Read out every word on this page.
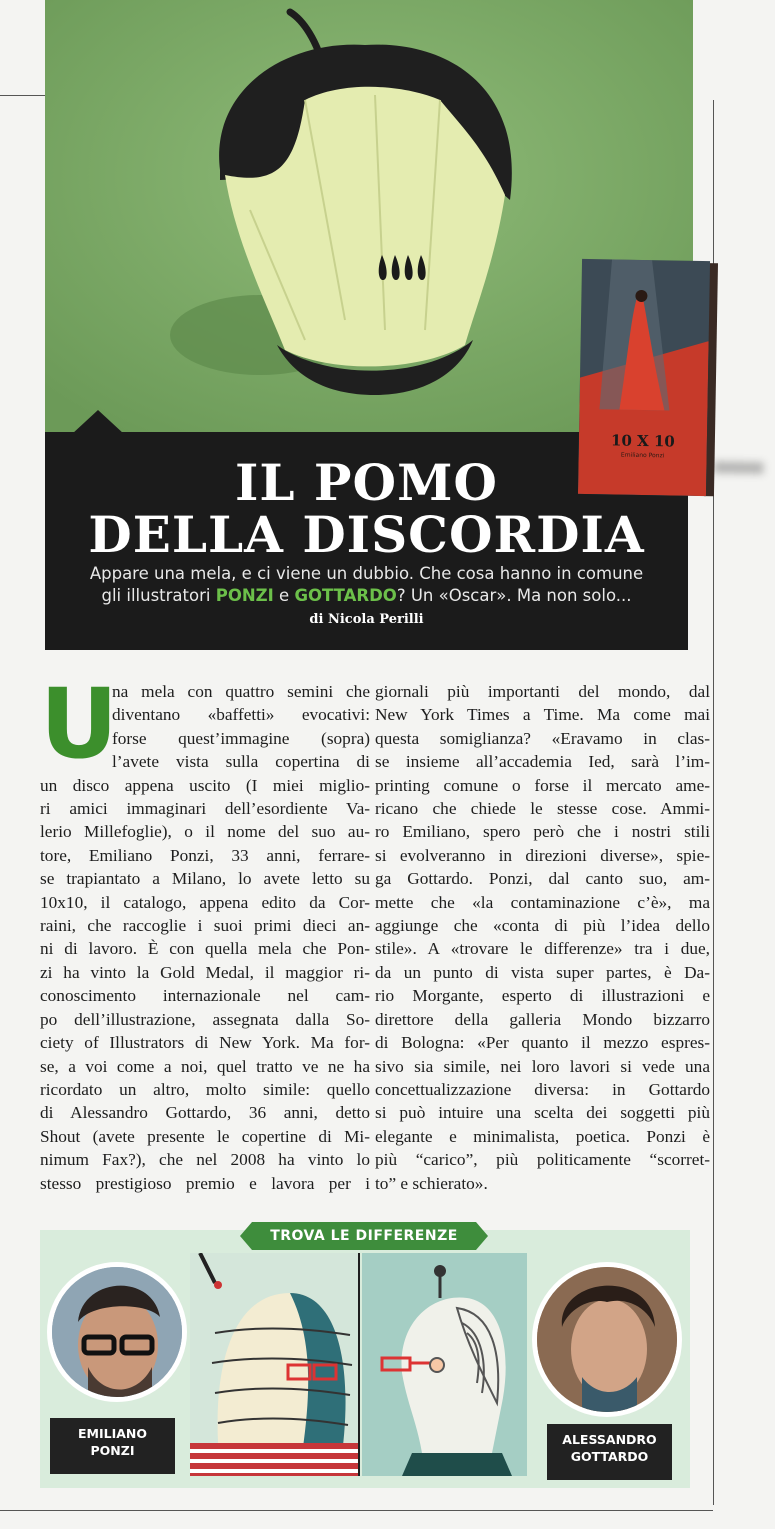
IL POMO
DELLA DISCORDIA
Appare una mela, e ci viene un dubbio. Che cosa hanno in comune
gli illustratori PONZI e GOTTARDO? Un «Oscar». Ma non solo...
di Nicola Perilli
10 X 10
Emiliano Ponzi
U
na mela con quattro semini che
diventano «baffetti» evocativi:
forse quest’immagine (sopra)
l’avete vista sulla copertina di
un disco appena uscito (I miei miglio-
ri amici immaginari dell’esordiente Va-
lerio Millefoglie), o il nome del suo au-
tore, Emiliano Ponzi, 33 anni, ferrare-
se trapiantato a Milano, lo avete letto su
10x10, il catalogo, appena edito da Cor-
raini, che raccoglie i suoi primi dieci an-
ni di lavoro. È con quella mela che Pon-
zi ha vinto la Gold Medal, il maggior ri-
conoscimento internazionale nel cam-
po dell’illustrazione, assegnata dalla So-
ciety of Illustrators di New York. Ma for-
se, a voi come a noi, quel tratto ve ne ha
ricordato un altro, molto simile: quello
di Alessandro Gottardo, 36 anni, detto
Shout (avete presente le copertine di Mi-
nimum Fax?), che nel 2008 ha vinto lo
stesso prestigioso premio e lavora per i
giornali più importanti del mondo, dal
New York Times a Time. Ma come mai
questa somiglianza? «Eravamo in clas-
se insieme all’accademia Ied, sarà l’im-
printing comune o forse il mercato ame-
ricano che chiede le stesse cose. Ammi-
ro Emiliano, spero però che i nostri stili
si evolveranno in direzioni diverse», spie-
ga Gottardo. Ponzi, dal canto suo, am-
mette che «la contaminazione c’è», ma
aggiunge che «conta di più l’idea dello
stile». A «trovare le differenze» tra i due,
da un punto di vista super partes, è Da-
rio Morgante, esperto di illustrazioni e
direttore della galleria Mondo bizzarro
di Bologna: «Per quanto il mezzo espres-
sivo sia simile, nei loro lavori si vede una
concettualizzazione diversa: in Gottardo
si può intuire una scelta dei soggetti più
elegante e minimalista, poetica. Ponzi è
più “carico”, più politicamente “scorret-
to” e schierato».
TROVA LE DIFFERENZE
EMILIANO
PONZI
ALESSANDRO
GOTTARDO
